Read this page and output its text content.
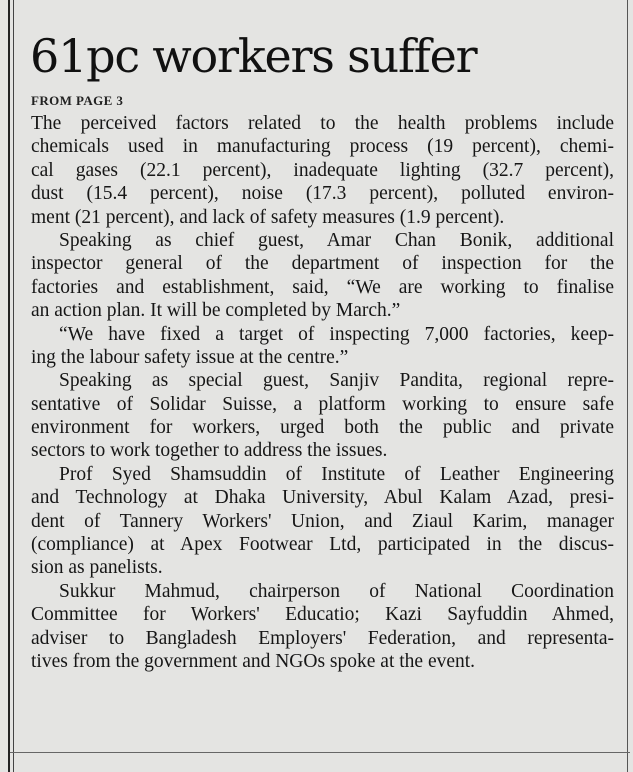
61pc workers suffer
FROM PAGE 3
The perceived factors related to the health problems include
chemicals used in manufacturing process (19 percent), chemi-
cal gases (22.1 percent), inadequate lighting (32.7 percent),
dust (15.4 percent), noise (17.3 percent), polluted environ-
ment (21 percent), and lack of safety measures (1.9 percent).
Speaking as chief guest, Amar Chan Bonik, additional
inspector general of the department of inspection for the
factories and establishment, said, “We are working to finalise
an action plan. It will be completed by March.”
“We have fixed a target of inspecting 7,000 factories, keep-
ing the labour safety issue at the centre.”
Speaking as special guest, Sanjiv Pandita, regional repre-
sentative of Solidar Suisse, a platform working to ensure safe
environment for workers, urged both the public and private
sectors to work together to address the issues.
Prof Syed Shamsuddin of Institute of Leather Engineering
and Technology at Dhaka University, Abul Kalam Azad, presi-
dent of Tannery Workers' Union, and Ziaul Karim, manager
(compliance) at Apex Footwear Ltd, participated in the discus-
sion as panelists.
Sukkur Mahmud, chairperson of National Coordination
Committee for Workers' Educatio; Kazi Sayfuddin Ahmed,
adviser to Bangladesh Employers' Federation, and representa-
tives from the government and NGOs spoke at the event.
